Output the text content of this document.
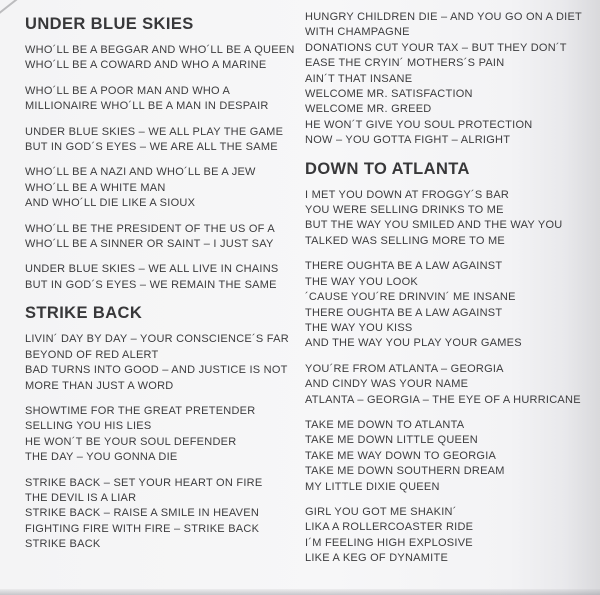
UNDER BLUE SKIES

WHO´LL BE A BEGGAR AND WHO´LL BE A QUEEN
WHO´LL BE A COWARD AND WHO A MARINE

WHO´LL BE A POOR MAN AND WHO A
MILLIONAIRE WHO´LL BE A MAN IN DESPAIR

UNDER BLUE SKIES – WE ALL PLAY THE GAME
BUT IN GOD´S EYES – WE ARE ALL THE SAME

WHO´LL BE A NAZI AND WHO´LL BE A JEW
WHO´LL BE A WHITE MAN
AND WHO´LL DIE LIKE A SIOUX

WHO´LL BE THE PRESIDENT OF THE US OF A
WHO´LL BE A SINNER OR SAINT – I JUST SAY

UNDER BLUE SKIES – WE ALL LIVE IN CHAINS
BUT IN GOD´S EYES – WE REMAIN THE SAME

STRIKE BACK

LIVIN´ DAY BY DAY – YOUR CONSCIENCE´S FAR
BEYOND OF RED ALERT
BAD TURNS INTO GOOD – AND JUSTICE IS NOT
MORE THAN JUST A WORD

SHOWTIME FOR THE GREAT PRETENDER
SELLING YOU HIS LIES
HE WON´T BE YOUR SOUL DEFENDER
THE DAY – YOU GONNA DIE

STRIKE BACK – SET YOUR HEART ON FIRE
THE DEVIL IS A LIAR
STRIKE BACK – RAISE A SMILE IN HEAVEN
FIGHTING FIRE WITH FIRE – STRIKE BACK
STRIKE BACK

HUNGRY CHILDREN DIE – AND YOU GO ON A DIET
WITH CHAMPAGNE
DONATIONS CUT YOUR TAX – BUT THEY DON´T
EASE THE CRYIN´ MOTHERS´S PAIN
AIN´T THAT INSANE
WELCOME MR. SATISFACTION
WELCOME MR. GREED
HE WON´T GIVE YOU SOUL PROTECTION
NOW – YOU GOTTA FIGHT – ALRIGHT

DOWN TO ATLANTA

I MET YOU DOWN AT FROGGY´S BAR
YOU WERE SELLING DRINKS TO ME
BUT THE WAY YOU SMILED AND THE WAY YOU
TALKED WAS SELLING MORE TO ME

THERE OUGHTA BE A LAW AGAINST
THE WAY YOU LOOK
´CAUSE YOU´RE DRINVIN´ ME INSANE
THERE OUGHTA BE A LAW AGAINST
THE WAY YOU KISS
AND THE WAY YOU PLAY YOUR GAMES

YOU´RE FROM ATLANTA – GEORGIA
AND CINDY WAS YOUR NAME
ATLANTA – GEORGIA – THE EYE OF A HURRICANE

TAKE ME DOWN TO ATLANTA
TAKE ME DOWN LITTLE QUEEN
TAKE ME WAY DOWN TO GEORGIA
TAKE ME DOWN SOUTHERN DREAM
MY LITTLE DIXIE QUEEN

GIRL YOU GOT ME SHAKIN´
LIKA A ROLLERCOASTER RIDE
I´M FEELING HIGH EXPLOSIVE
LIKE A KEG OF DYNAMITE
